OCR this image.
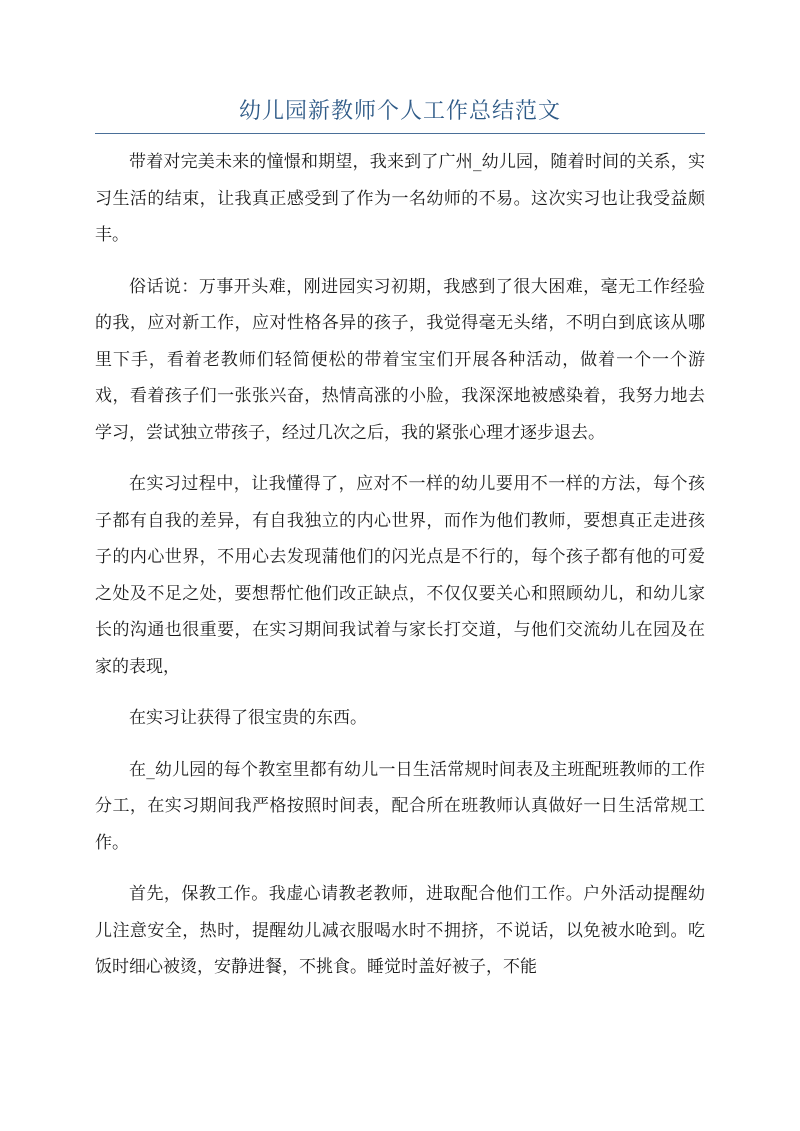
幼儿园新教师个人工作总结范文

带着对完美未来的憧憬和期望，我来到了广州_幼儿园，随着时间的关系，实习生活的结束，让我真正感受到了作为一名幼师的不易。这次实习也让我受益颇丰。

俗话说：万事开头难，刚进园实习初期，我感到了很大困难，毫无工作经验的我，应对新工作，应对性格各异的孩子，我觉得毫无头绪，不明白到底该从哪里下手，看着老教师们轻简便松的带着宝宝们开展各种活动，做着一个一个游戏，看着孩子们一张张兴奋，热情高涨的小脸，我深深地被感染着，我努力地去学习，尝试独立带孩子，经过几次之后，我的紧张心理才逐步退去。

在实习过程中，让我懂得了，应对不一样的幼儿要用不一样的方法，每个孩子都有自我的差异，有自我独立的内心世界，而作为他们教师，要想真正走进孩子的内心世界，不用心去发现蒲他们的闪光点是不行的，每个孩子都有他的可爱之处及不足之处，要想帮忙他们改正缺点，不仅仅要关心和照顾幼儿，和幼儿家长的沟通也很重要，在实习期间我试着与家长打交道，与他们交流幼儿在园及在家的表现，

在实习让获得了很宝贵的东西。

在_幼儿园的每个教室里都有幼儿一日生活常规时间表及主班配班教师的工作分工，在实习期间我严格按照时间表，配合所在班教师认真做好一日生活常规工作。

首先，保教工作。我虚心请教老教师，进取配合他们工作。户外活动提醒幼儿注意安全，热时，提醒幼儿减衣服喝水时不拥挤，不说话，以免被水呛到。吃饭时细心被烫，安静进餐，不挑食。睡觉时盖好被子，不能
